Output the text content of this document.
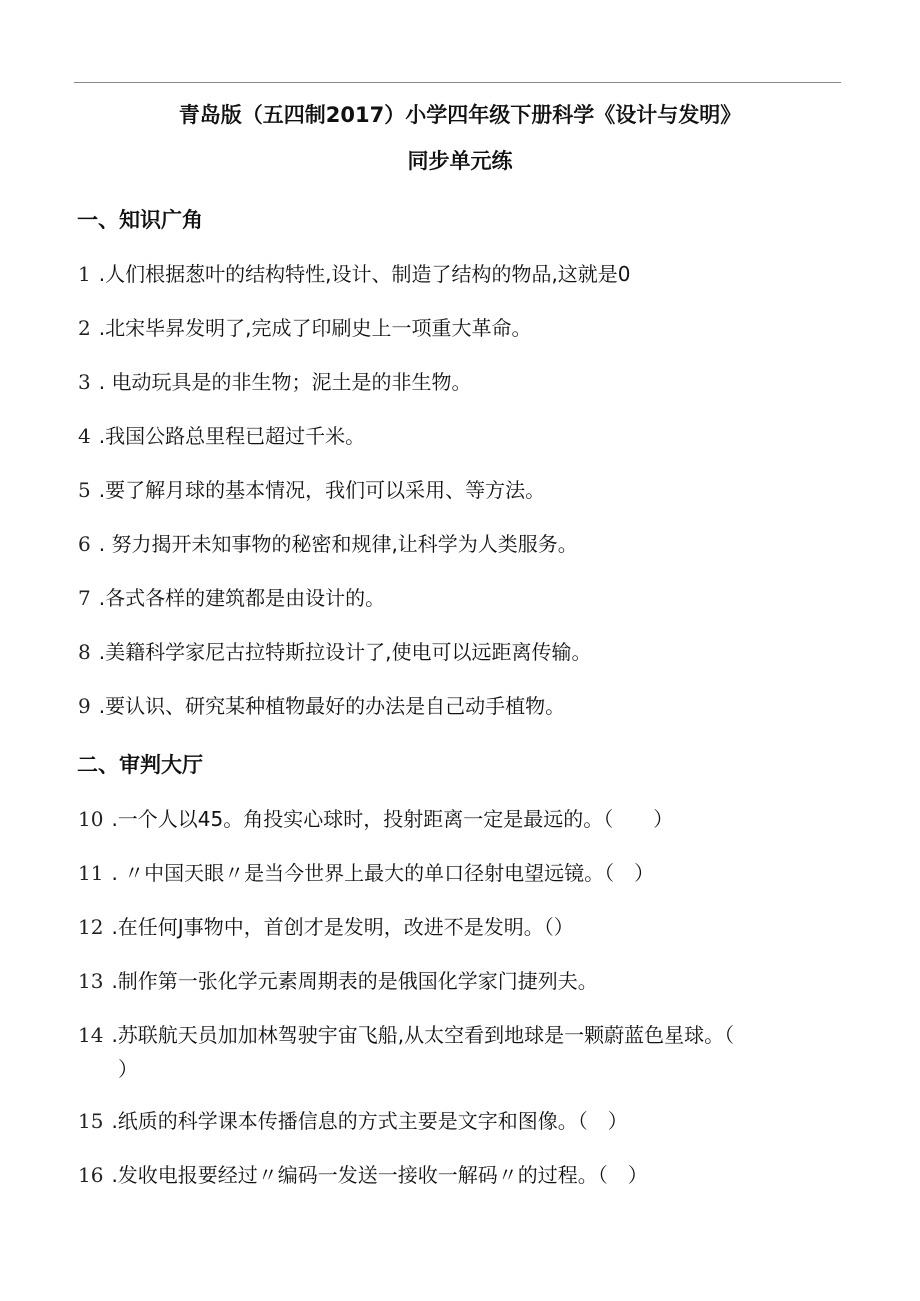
青岛版（五四制2017）小学四年级下册科学《设计与发明》
同步单元练
一、知识广角
1 .人们根据葱叶的结构特性,设计、制造了结构的物品,这就是0
2 .北宋毕昇发明了,完成了印刷史上一项重大革命。
3 . 电动玩具是的非生物；泥土是的非生物。
4 .我国公路总里程已超过千米。
5 .要了解月球的基本情况，我们可以采用、等方法。
6 . 努力揭开未知事物的秘密和规律,让科学为人类服务。
7 .各式各样的建筑都是由设计的。
8 .美籍科学家尼古拉特斯拉设计了,使电可以远距离传输。
9 .要认识、研究某种植物最好的办法是自己动手植物。
二、审判大厅
10 .一个人以45。角投实心球时，投射距离一定是最远的。（　　）
11 . 〃中国天眼〃是当今世界上最大的单口径射电望远镜。（　）
12 .在任何J事物中，首创才是发明，改进不是发明。（）
13 .制作第一张化学元素周期表的是俄国化学家门捷列夫。
14 .苏联航天员加加林驾驶宇宙飞船,从太空看到地球是一颗蔚蓝色星球。（
）
15 .纸质的科学课本传播信息的方式主要是文字和图像。（　）
16 .发收电报要经过〃编码一发送一接收一解码〃的过程。（　）
